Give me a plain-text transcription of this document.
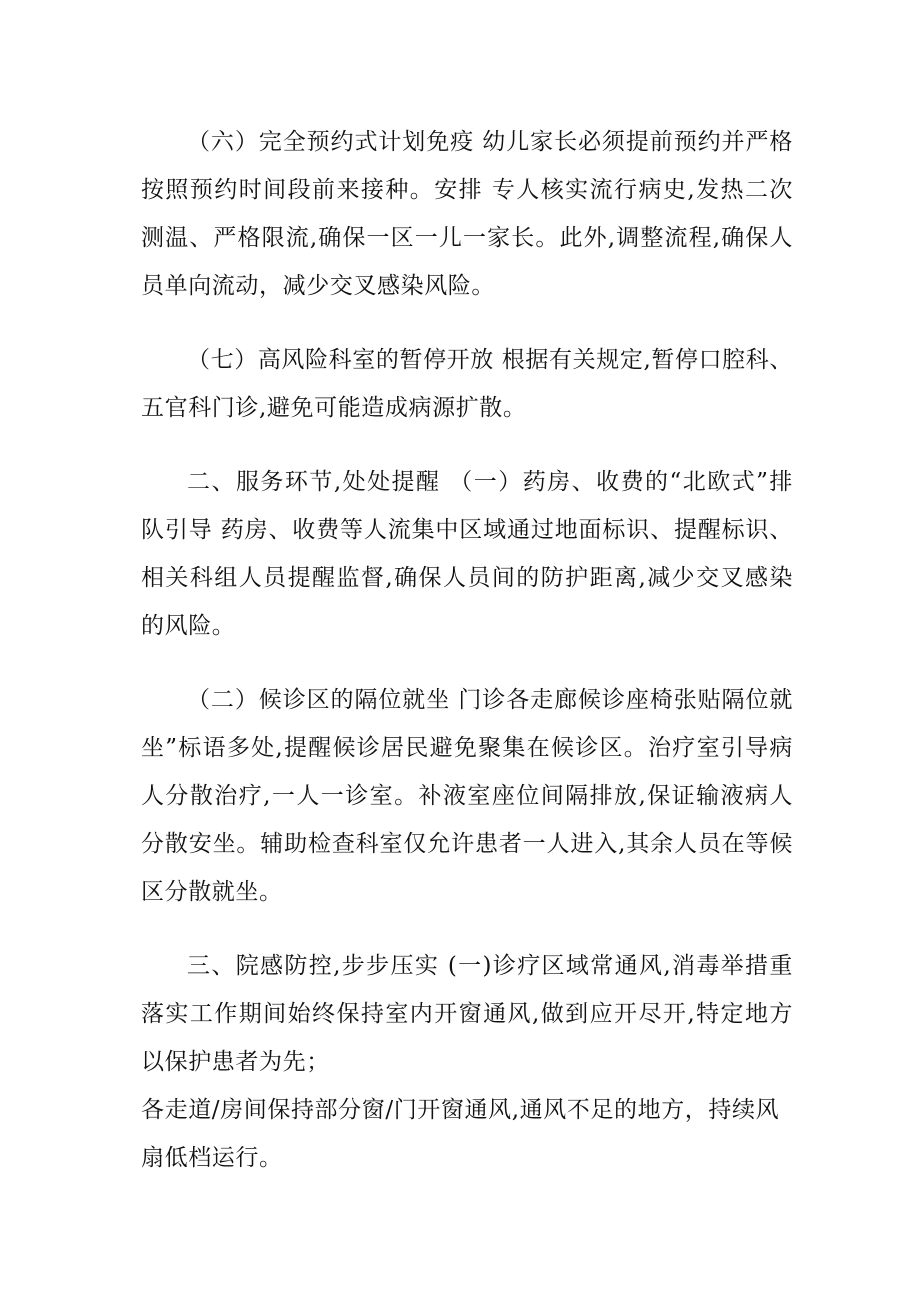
（六）完全预约式计划免疫 幼儿家长必须提前预约并严格按照预约时间段前来接种。安排 专人核实流行病史,发热二次测温、严格限流,确保一区一儿一家长。此外,调整流程,确保人员单向流动，减少交叉感染风险。

（七）高风险科室的暂停开放 根据有关规定,暂停口腔科、五官科门诊,避免可能造成病源扩散。

二、服务环节,处处提醒 （一）药房、收费的“北欧式”排队引导 药房、收费等人流集中区域通过地面标识、提醒标识、相关科组人员提醒监督,确保人员间的防护距离,减少交叉感染的风险。

（二）候诊区的隔位就坐 门诊各走廊候诊座椅张贴隔位就坐”标语多处,提醒候诊居民避免聚集在候诊区。治疗室引导病人分散治疗,一人一诊室。补液室座位间隔排放,保证输液病人分散安坐。辅助检查科室仅允许患者一人进入,其余人员在等候区分散就坐。

三、院感防控,步步压实 (一)诊疗区域常通风,消毒举措重落实工作期间始终保持室内开窗通风,做到应开尽开,特定地方以保护患者为先；

各走道/房间保持部分窗/门开窗通风,通风不足的地方，持续风扇低档运行。
